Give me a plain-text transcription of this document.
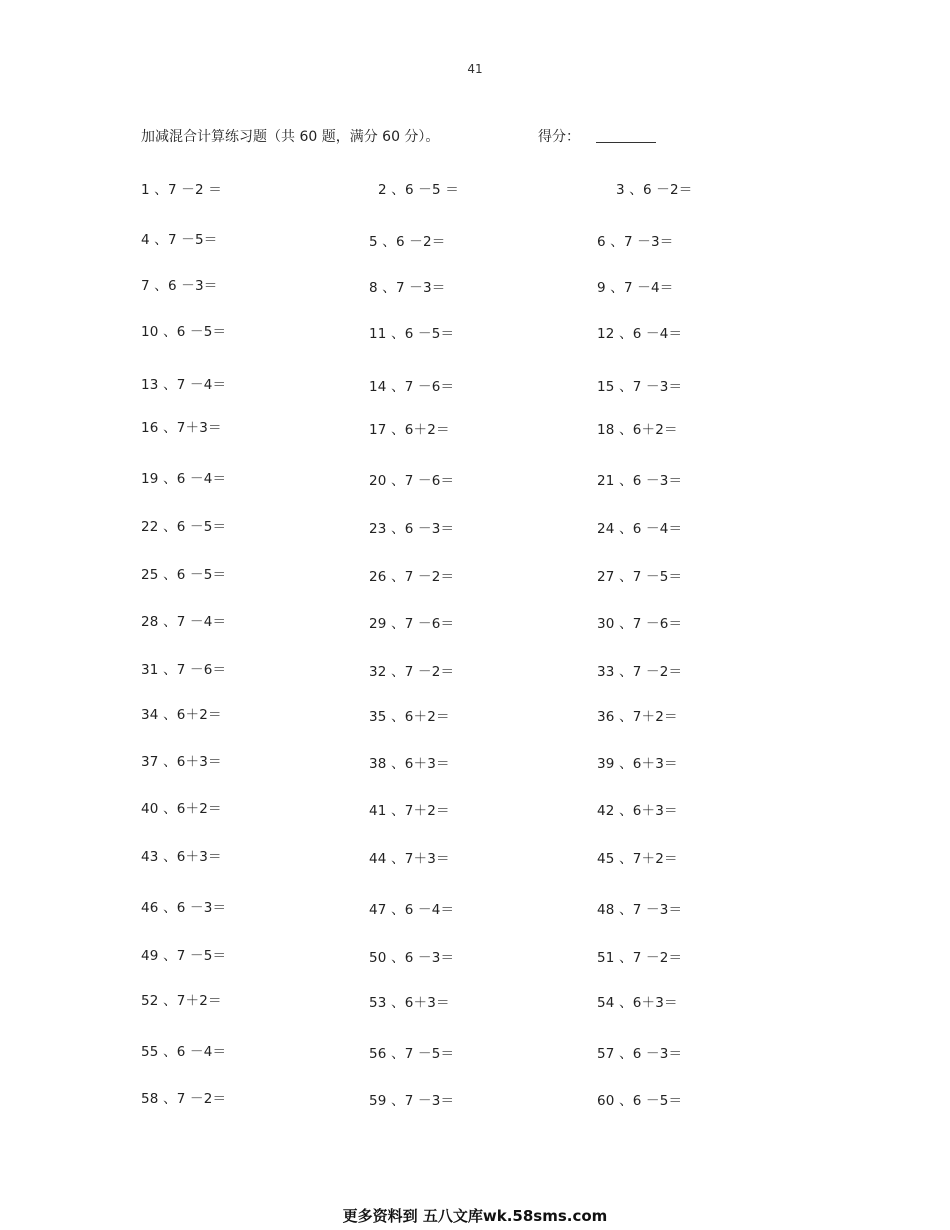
41
加减混合计算练习题（共 60 题，满分 60 分）。	得分：
1 、7 －2 ＝	2 、6 －5 ＝	3 、6 －2＝
4 、7 －5＝	5 、6 －2＝	6 、7 －3＝
7 、6 －3＝	8 、7 －3＝	9 、7 －4＝
10 、6 －5＝	11 、6 －5＝	12 、6 －4＝
13 、7 －4＝	14 、7 －6＝	15 、7 －3＝
16 、7＋3＝	17 、6＋2＝	18 、6＋2＝
19 、6 －4＝	20 、7 －6＝	21 、6 －3＝
22 、6 －5＝	23 、6 －3＝	24 、6 －4＝
25 、6 －5＝	26 、7 －2＝	27 、7 －5＝
28 、7 －4＝	29 、7 －6＝	30 、7 －6＝
31 、7 －6＝	32 、7 －2＝	33 、7 －2＝
34 、6＋2＝	35 、6＋2＝	36 、7＋2＝
37 、6＋3＝	38 、6＋3＝	39 、6＋3＝
40 、6＋2＝	41 、7＋2＝	42 、6＋3＝
43 、6＋3＝	44 、7＋3＝	45 、7＋2＝
46 、6 －3＝	47 、6 －4＝	48 、7 －3＝
49 、7 －5＝	50 、6 －3＝	51 、7 －2＝
52 、7＋2＝	53 、6＋3＝	54 、6＋3＝
55 、6 －4＝	56 、7 －5＝	57 、6 －3＝
58 、7 －2＝	59 、7 －3＝	60 、6 －5＝
更多资料到 五八文库wk.58sms.com
